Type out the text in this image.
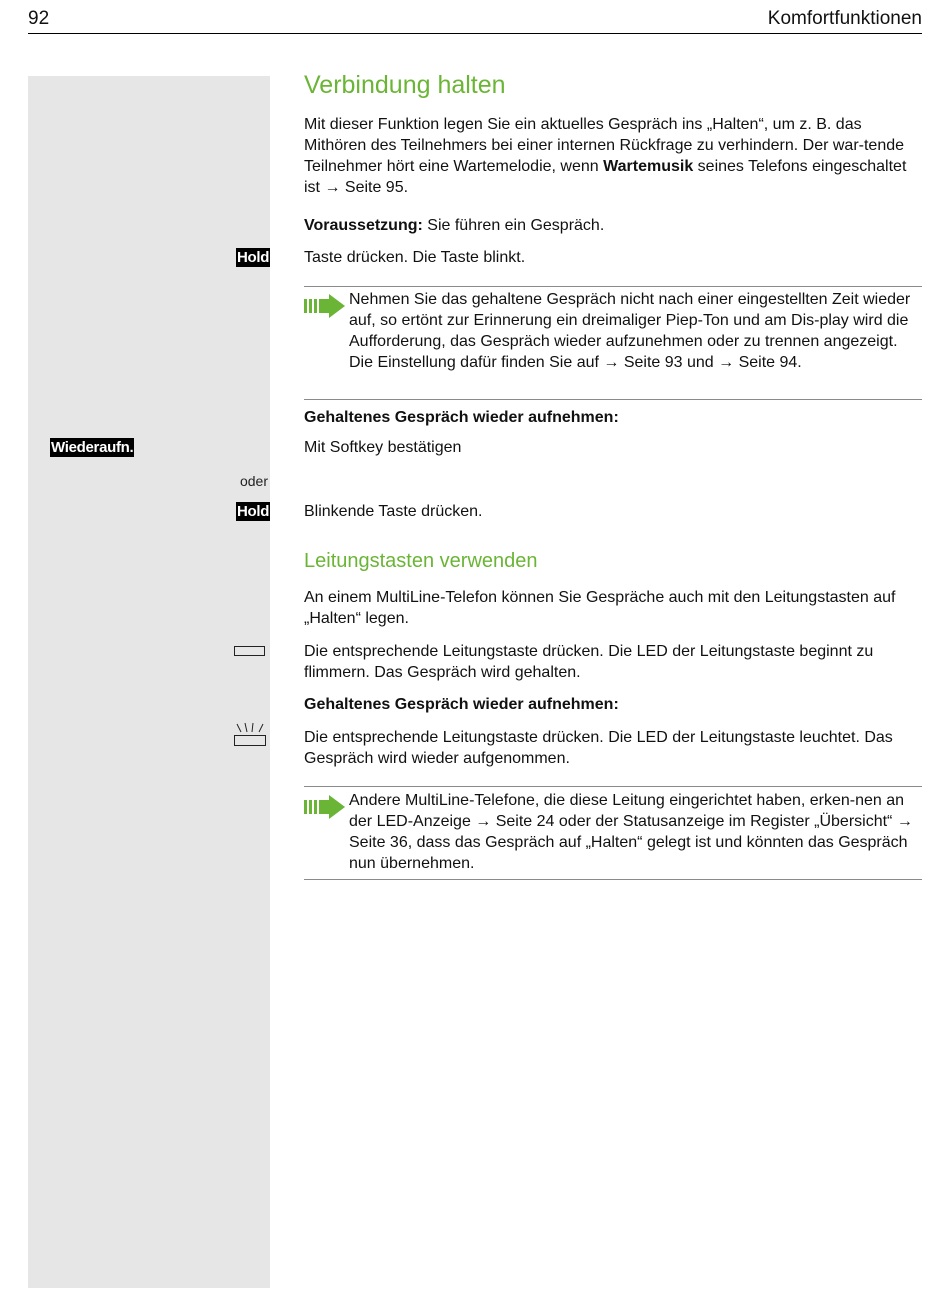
92	Komfortfunktionen
Verbindung halten
Mit dieser Funktion legen Sie ein aktuelles Gespräch ins „Halten“, um z. B. das Mithören des Teilnehmers bei einer internen Rückfrage zu verhindern. Der war-tende Teilnehmer hört eine Wartemelodie, wenn Wartemusik seines Telefons eingeschaltet ist → Seite 95.
Voraussetzung: Sie führen ein Gespräch.
Hold Taste drücken. Die Taste blinkt.
Nehmen Sie das gehaltene Gespräch nicht nach einer eingestellten Zeit wieder auf, so ertönt zur Erinnerung ein dreimaliger Piep-Ton und am Dis-play wird die Aufforderung, das Gespräch wieder aufzunehmen oder zu trennen angezeigt. Die Einstellung dafür finden Sie auf → Seite 93 und → Seite 94.
Gehaltenes Gespräch wieder aufnehmen:
Wiederaufn.	Mit Softkey bestätigen
oder
Hold Blinkende Taste drücken.
Leitungstasten verwenden
An einem MultiLine-Telefon können Sie Gespräche auch mit den Leitungstasten auf „Halten“ legen.
Die entsprechende Leitungstaste drücken. Die LED der Leitungstaste beginnt zu flimmern. Das Gespräch wird gehalten.
Gehaltenes Gespräch wieder aufnehmen:
Die entsprechende Leitungstaste drücken. Die LED der Leitungstaste leuchtet. Das Gespräch wird wieder aufgenommen.
Andere MultiLine-Telefone, die diese Leitung eingerichtet haben, erken-nen an der LED-Anzeige → Seite 24 oder der Statusanzeige im Register „Übersicht“ → Seite 36, dass das Gespräch auf „Halten“ gelegt ist und könnten das Gespräch nun übernehmen.
